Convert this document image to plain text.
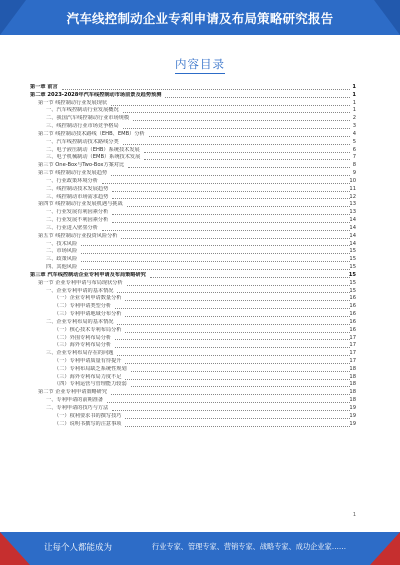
汽车线控制动企业专利申请及布局策略研究报告
内容目录
第一章 前言	1
第二章 2023-2028年汽车线控制动市场前景及趋势预测	1
第一节 线控制动行业发展现状	1
一、汽车线控制动行业发展概况	1
二、我国汽车线控制动行业市场规模	2
三、线控制动行业市场竞争格局	3
第二节 线控制动技术路线（EHB、EMB）分析	4
一、汽车线控制动技术路线分类	5
二、电子液压制动（EHB）系统技术发展	6
三、电子机械制动（EMB）系统技术发展	7
第三节 One-Box与Two-Box方案对比	8
第三节 线控制动行业发展趋势	9
一、行业政策环境分析	10
二、线控制动技术发展趋势	11
三、线控制动市场需求趋势	12
第四节 线控制动行业发展机遇与挑战	13
一、行业发展有利因素分析	13
二、行业发展不利因素分析	14
三、行业进入壁垒分析	14
第五节 线控制动行业投资风险分析	14
一、技术风险	14
二、市场风险	15
三、政策风险	15
四、其他风险	15
第三章 汽车线控制动企业专利申请及布局策略研究	15
第一节 企业专利申请与布局现状分析	15
一、企业专利申请的基本情况	15
（一）企业专利申请数量分析	16
（二）专利申请类型分析	16
（三）专利申请地域分布分析	16
二、企业专利布局的基本情况	16
（一）核心技术专利布局分析	16
（二）外围专利布局分析	17
（三）海外专利布局分析	17
三、企业专利布局存在的问题	17
（一）专利申请质量有待提升	17
（二）专利布局缺乏系统性规划	18
（三）海外专利布局力度不足	18
（四）专利运营与管理能力较弱	18
第二节 企业专利申请策略研究	18
一、专利申请的前期准备	18
二、专利申请的技巧与方法	19
（一）权利要求书的撰写技巧	19
（二）说明书撰写的注意事项	19
1
让每个人都能成为	行业专家、管理专家、营销专家、战略专家、成功企业家……
